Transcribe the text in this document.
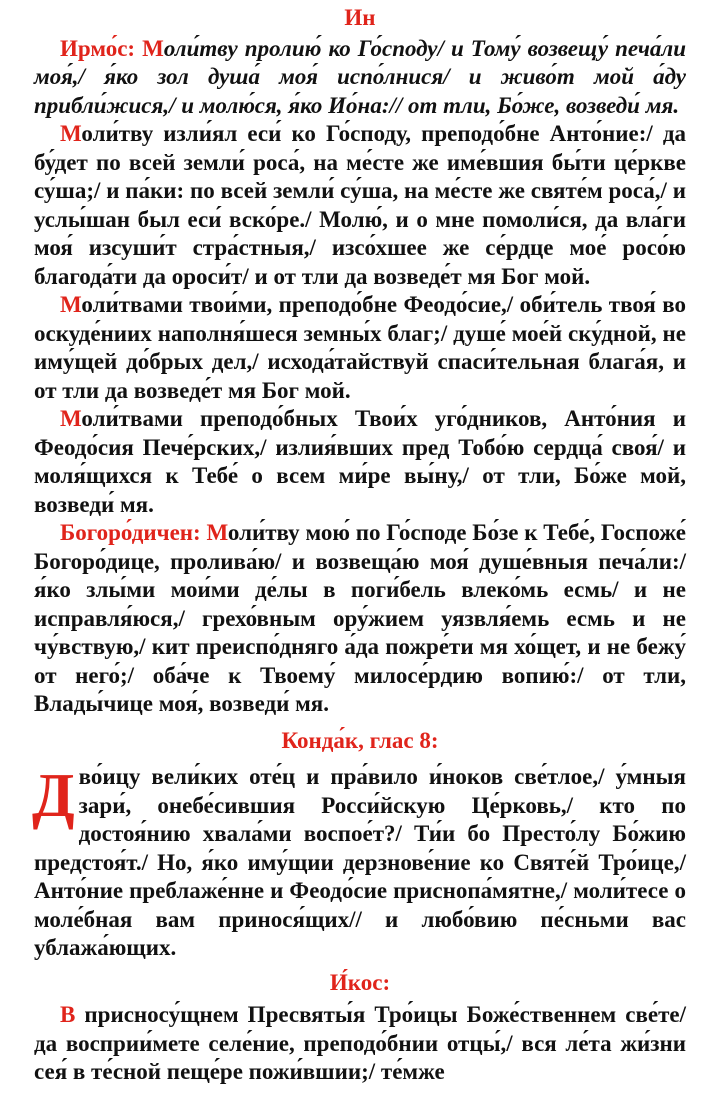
Ин

Ирмо́с: Моли́тву пролию́ ко Го́споду/ и Тому́ возвещу́ печа́ли моя́,/ я́ко зол душа́ моя́ испо́лнися/ и живо́т мой а́ду прибли́жися,/ и молю́ся, я́ко Ио́на:// от тли, Бо́же, возведи́ мя.

Моли́тву изли́ял еси́ ко Го́споду, преподо́бне Анто́ние:/ да бу́дет по всей земли́ роса́, на ме́сте же име́вшия бы́ти це́ркве су́ша;/ и па́ки: по всей земли́ су́ша, на ме́сте же святе́м роса́,/ и услы́шан был еси́ вско́ре./ Молю́, и о мне помоли́ся, да вла́ги моя́ изсуши́т стра́стныя,/ изсо́хшее же се́рдце мое́ росо́ю благода́ти да ороси́т/ и от тли да возведе́т мя Бог мой.

Моли́твами твои́ми, преподо́бне Феодо́сие,/ оби́тель твоя́ во оскуде́ниих наполня́шеся земны́х благ;/ душе́ мое́й ску́дной, не иму́щей до́брых дел,/ исхода́тайствуй спаси́тельная блага́я, и от тли да возведе́т мя Бог мой.

Моли́твами преподо́бных Твои́х уго́дников, Анто́ния и Феодо́сия Пече́рских,/ излия́вших пред Тобо́ю сердца́ своя́/ и моля́щихся к Тебе́ о всем ми́ре вы́ну,/ от тли, Бо́же мой, возведи́ мя.

Богоро́дичен: Моли́тву мою́ по Го́споде Бо́зе к Тебе́, Госпоже́ Богоро́дице, пролива́ю/ и возвеща́ю моя́ душе́вныя печа́ли:/ я́ко злы́ми мои́ми де́лы в поги́бель влеко́мь есмь/ и не исправля́юся,/ грехо́вным ору́жием уязвля́емь есмь и не чу́вствую,/ кит преиспо́дняго а́да пожре́ти мя хо́щет, и не бежу́ от него́;/ оба́че к Твоему́ милосе́рдию вопию́:/ от тли, Влады́чице моя́, возведи́ мя.

Конда́к, глас 8:

Дво́ицу вели́ких оте́ц и пра́вило и́ноков све́тлое,/ у́мныя зари́, онебе́сившия Росси́йскую Це́рковь,/ кто по достоя́нию хвала́ми воспое́т?/ Ти́и бо Престо́лу Бо́жию предстоя́т./ Но, я́ко иму́щии дерзнове́ние ко Святе́й Тро́ице,/ Анто́ние преблаже́нне и Феодо́сие приснопа́мятне,/ моли́тесе о моле́бная вам принося́щих// и любо́вию пе́сньми вас ублажа́ющих.

И́кос:

В присносу́щнем Пресвяты́я Тро́ицы Боже́ственнем све́те/ да восприи́мете селе́ние, преподо́бнии отцы́,/ вся ле́та жи́зни сея́ в те́сной пеще́ре пожи́вшии;/ те́мже
